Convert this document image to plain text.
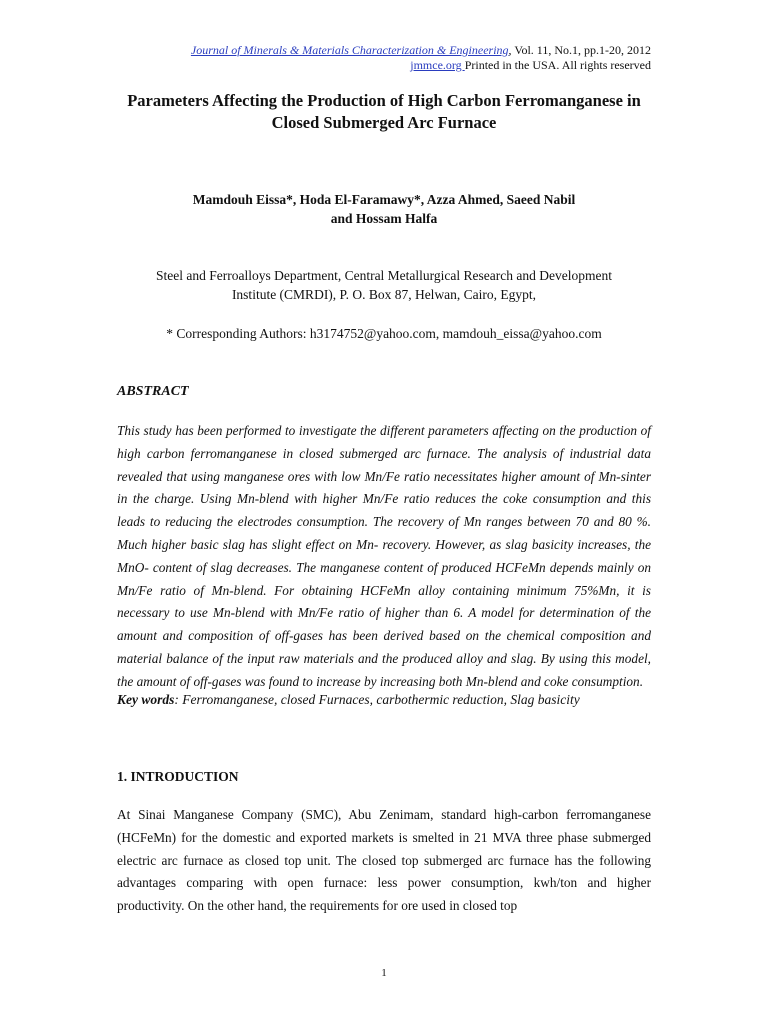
Journal of Minerals & Materials Characterization & Engineering, Vol. 11, No.1, pp.1-20, 2012
jmmce.org Printed in the USA. All rights reserved
Parameters Affecting the Production of High Carbon Ferromanganese in
Closed Submerged Arc Furnace
Mamdouh Eissa*, Hoda El-Faramawy*, Azza Ahmed, Saeed Nabil
and Hossam Halfa
Steel and Ferroalloys Department, Central Metallurgical Research and Development
Institute (CMRDI), P. O. Box 87, Helwan, Cairo, Egypt,
* Corresponding Authors: h3174752@yahoo.com, mamdouh_eissa@yahoo.com
ABSTRACT

This study has been performed to investigate the different parameters affecting on the production of high carbon ferromanganese in closed submerged arc furnace. The analysis of industrial data revealed that using manganese ores with low Mn/Fe ratio necessitates higher amount of Mn-sinter in the charge. Using Mn-blend with higher Mn/Fe ratio reduces the coke consumption and this leads to reducing the electrodes consumption. The recovery of Mn ranges between 70 and 80 %. Much higher basic slag has slight effect on Mn- recovery. However, as slag basicity increases, the MnO- content of slag decreases. The manganese content of produced HCFeMn depends mainly on Mn/Fe ratio of Mn-blend. For obtaining HCFeMn alloy containing minimum 75%Mn, it is necessary to use Mn-blend with Mn/Fe ratio of higher than 6. A model for determination of the amount and composition of off-gases has been derived based on the chemical composition and material balance of the input raw materials and the produced alloy and slag. By using this model, the amount of off-gases was found to increase by increasing both Mn-blend and coke consumption.

Key words: Ferromanganese, closed Furnaces, carbothermic reduction, Slag basicity
1. INTRODUCTION

At Sinai Manganese Company (SMC), Abu Zenimam, standard high-carbon ferromanganese (HCFeMn) for the domestic and exported markets is smelted in 21 MVA three phase submerged electric arc furnace as closed top unit. The closed top submerged arc furnace has the following advantages comparing with open furnace: less power consumption, kwh/ton and higher productivity. On the other hand, the requirements for ore used in closed top

1
